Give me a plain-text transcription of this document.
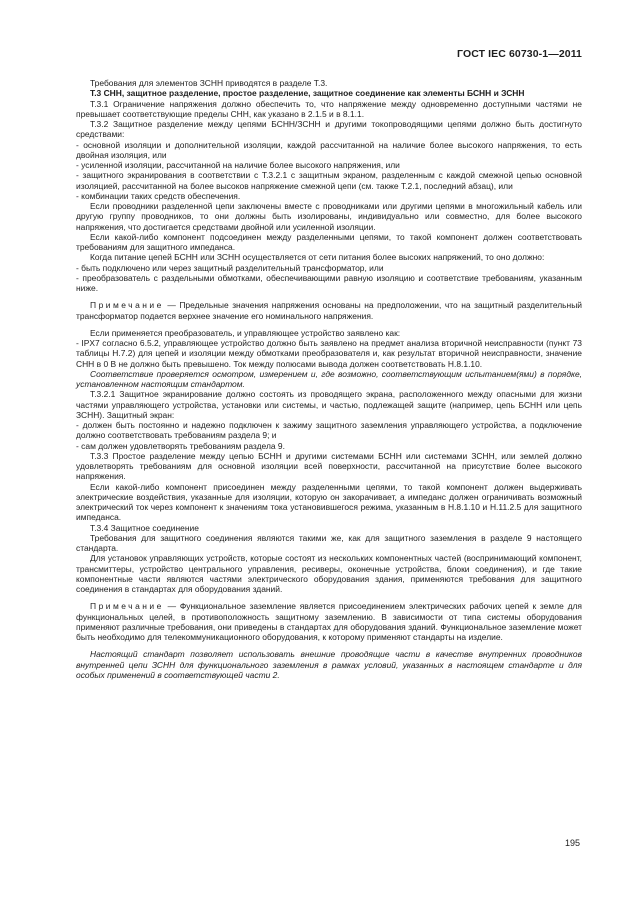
ГОСТ IEC 60730-1—2011

Требования для элементов ЗСНН приводятся в разделе Т.3.

Т.3 СНН, защитное разделение, простое разделение, защитное соединение как элементы БСНН и ЗСНН

Т.3.1 Ограничение напряжения должно обеспечить то, что напряжение между одновременно доступными частями не превышает соответствующие пределы СНН, как указано в 2.1.5 и в 8.1.1.

Т.3.2 Защитное разделение между цепями БСНН/ЗСНН и другими токопроводящими цепями должно быть достигнуто средствами:

- основной изоляции и дополнительной изоляции, каждой рассчитанной на наличие более высокого напряжения, то есть двойная изоляция, или

- усиленной изоляции, рассчитанной на наличие более высокого напряжения, или

- защитного экранирования в соответствии с Т.3.2.1 с защитным экраном, разделенным с каждой смежной цепью основной изоляцией, рассчитанной на более высоков напряжение смежной цепи (см. также Т.2.1, последний абзац), или

- комбинации таких средств обеспечения.

Если проводники разделенной цепи заключены вместе с проводниками или другими цепями в многожильный кабель или другую группу проводников, то они должны быть изолированы, индивидуально или совместно, для более высокого напряжения, что достигается средствами двойной или усиленной изоляции.

Если какой-либо компонент подсоединен между разделенными цепями, то такой компонент должен соответствовать требованиям для защитного импеданса.

Когда питание цепей БСНН или ЗСНН осуществляется от сети питания более высоких напряжений, то оно должно:

- быть подключено или через защитный разделительный трансформатор, или

- преобразователь с раздельными обмотками, обеспечивающими равную изоляцию и соответствие требованиям, указанным ниже.

Примечание — Предельные значения напряжения основаны на предположении, что на защитный разделительный трансформатор подается верхнее значение его номинального напряжения.

Если применяется преобразователь, и управляющее устройство заявлено как:

- IPX7 согласно 6.5.2, управляющее устройство должно быть заявлено на предмет анализа вторичной неисправности (пункт 73 таблицы Н.7.2) для цепей и изоляции между обмотками преобразователя и, как результат вторичной неисправности, значение СНН в 0 В не должно быть превышено. Ток между полюсами вывода должен соответствовать Н.8.1.10.

Соответствие проверяется осмотром, измерением и, где возможно, соответствующим испытанием(ями) в порядке, установленном настоящим стандартом.

Т.3.2.1 Защитное экранирование должно состоять из проводящего экрана, расположенного между опасными для жизни частями управляющего устройства, установки или системы, и частью, подлежащей защите (например, цепь БСНН или цепь ЗСНН). Защитный экран:

- должен быть постоянно и надежно подключен к зажиму защитного заземления управляющего устройства, а подключение должно соответствовать требованиям раздела 9; и

- сам должен удовлетворять требованиям раздела 9.

Т.3.3 Простое разделение между цепью БСНН и другими системами БСНН или системами ЗСНН, или землей должно удовлетворять требованиям для основной изоляции всей поверхности, рассчитанной на присутствие более высокого напряжения.

Если какой-либо компонент присоединен между разделенными цепями, то такой компонент должен выдерживать электрические воздействия, указанные для изоляции, которую он закорачивает, а импеданс должен ограничивать возможный электрический ток через компонент к значениям тока установившегося режима, указанным в Н.8.1.10 и Н.11.2.5 для защитного импеданса.

Т.3.4 Защитное соединение

Требования для защитного соединения являются такими же, как для защитного заземления в разделе 9 настоящего стандарта.

Для установок управляющих устройств, которые состоят из нескольких компонентных частей (воспринимающий компонент, трансмиттеры, устройство центрального управления, ресиверы, оконечные устройства, блоки соединения), и где такие компонентные части являются частями электрического оборудования здания, применяются требования для защитного соединения в стандартах для оборудования зданий.

Примечание — Функциональное заземление является присоединением электрических рабочих цепей к земле для функциональных целей, в противоположность защитному заземлению. В зависимости от типа системы оборудования применяют различные требования, они приведены в стандартах для оборудования зданий. Функциональное заземление может быть необходимо для телекоммуникационного оборудования, к которому применяют стандарты на изделие.

Настоящий стандарт позволяет использовать внешние проводящие части в качестве внутренних проводников внутренней цепи ЗСНН для функционального заземления в рамках условий, указанных в настоящем стандарте и для особых применений в соответствующей части 2.

195
